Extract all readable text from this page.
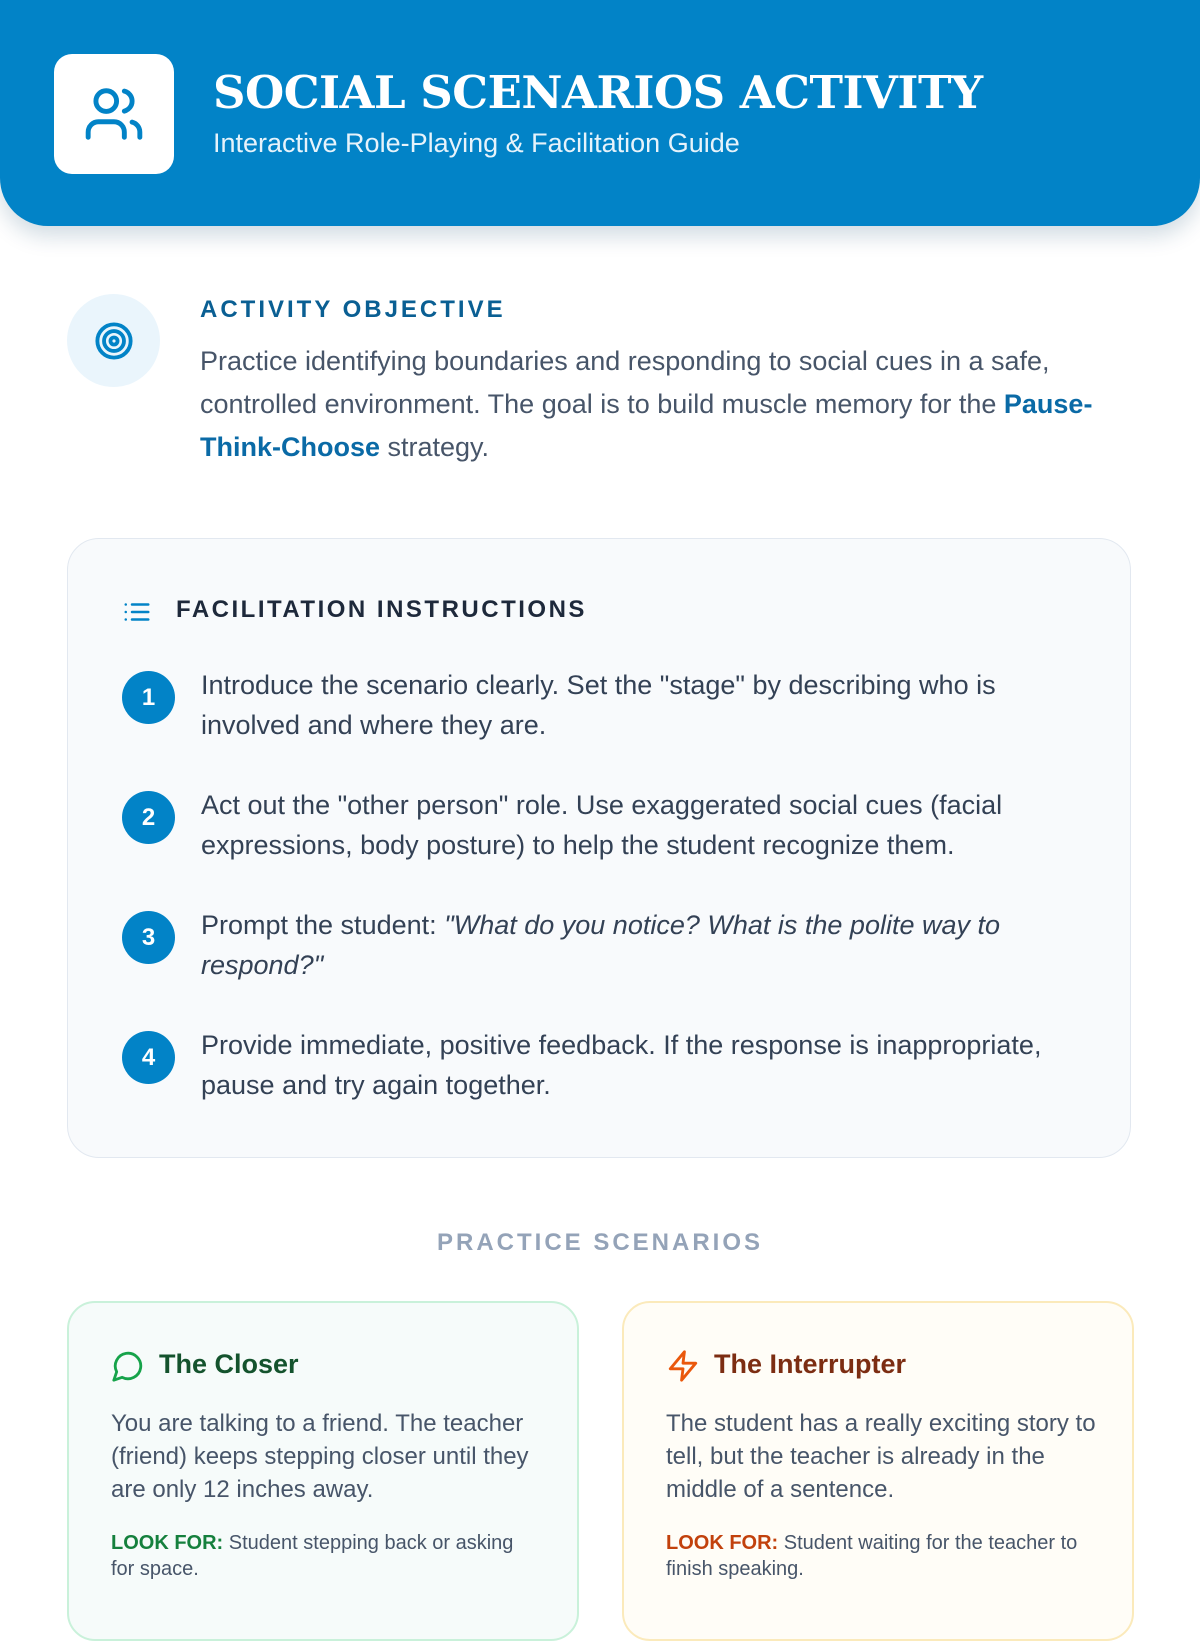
SOCIAL SCENARIOS ACTIVITY
Interactive Role-Playing & Facilitation Guide
ACTIVITY OBJECTIVE
Practice identifying boundaries and responding to social cues in a safe, controlled environment. The goal is to build muscle memory for the Pause-Think-Choose strategy.
FACILITATION INSTRUCTIONS
1	Introduce the scenario clearly. Set the "stage" by describing who is involved and where they are.
2	Act out the "other person" role. Use exaggerated social cues (facial expressions, body posture) to help the student recognize them.
3	Prompt the student: "What do you notice? What is the polite way to respond?"
4	Provide immediate, positive feedback. If the response is inappropriate, pause and try again together.
PRACTICE SCENARIOS
The Closer
You are talking to a friend. The teacher (friend) keeps stepping closer until they are only 12 inches away.
LOOK FOR: Student stepping back or asking for space.
The Interrupter
The student has a really exciting story to tell, but the teacher is already in the middle of a sentence.
LOOK FOR: Student waiting for the teacher to finish speaking.
